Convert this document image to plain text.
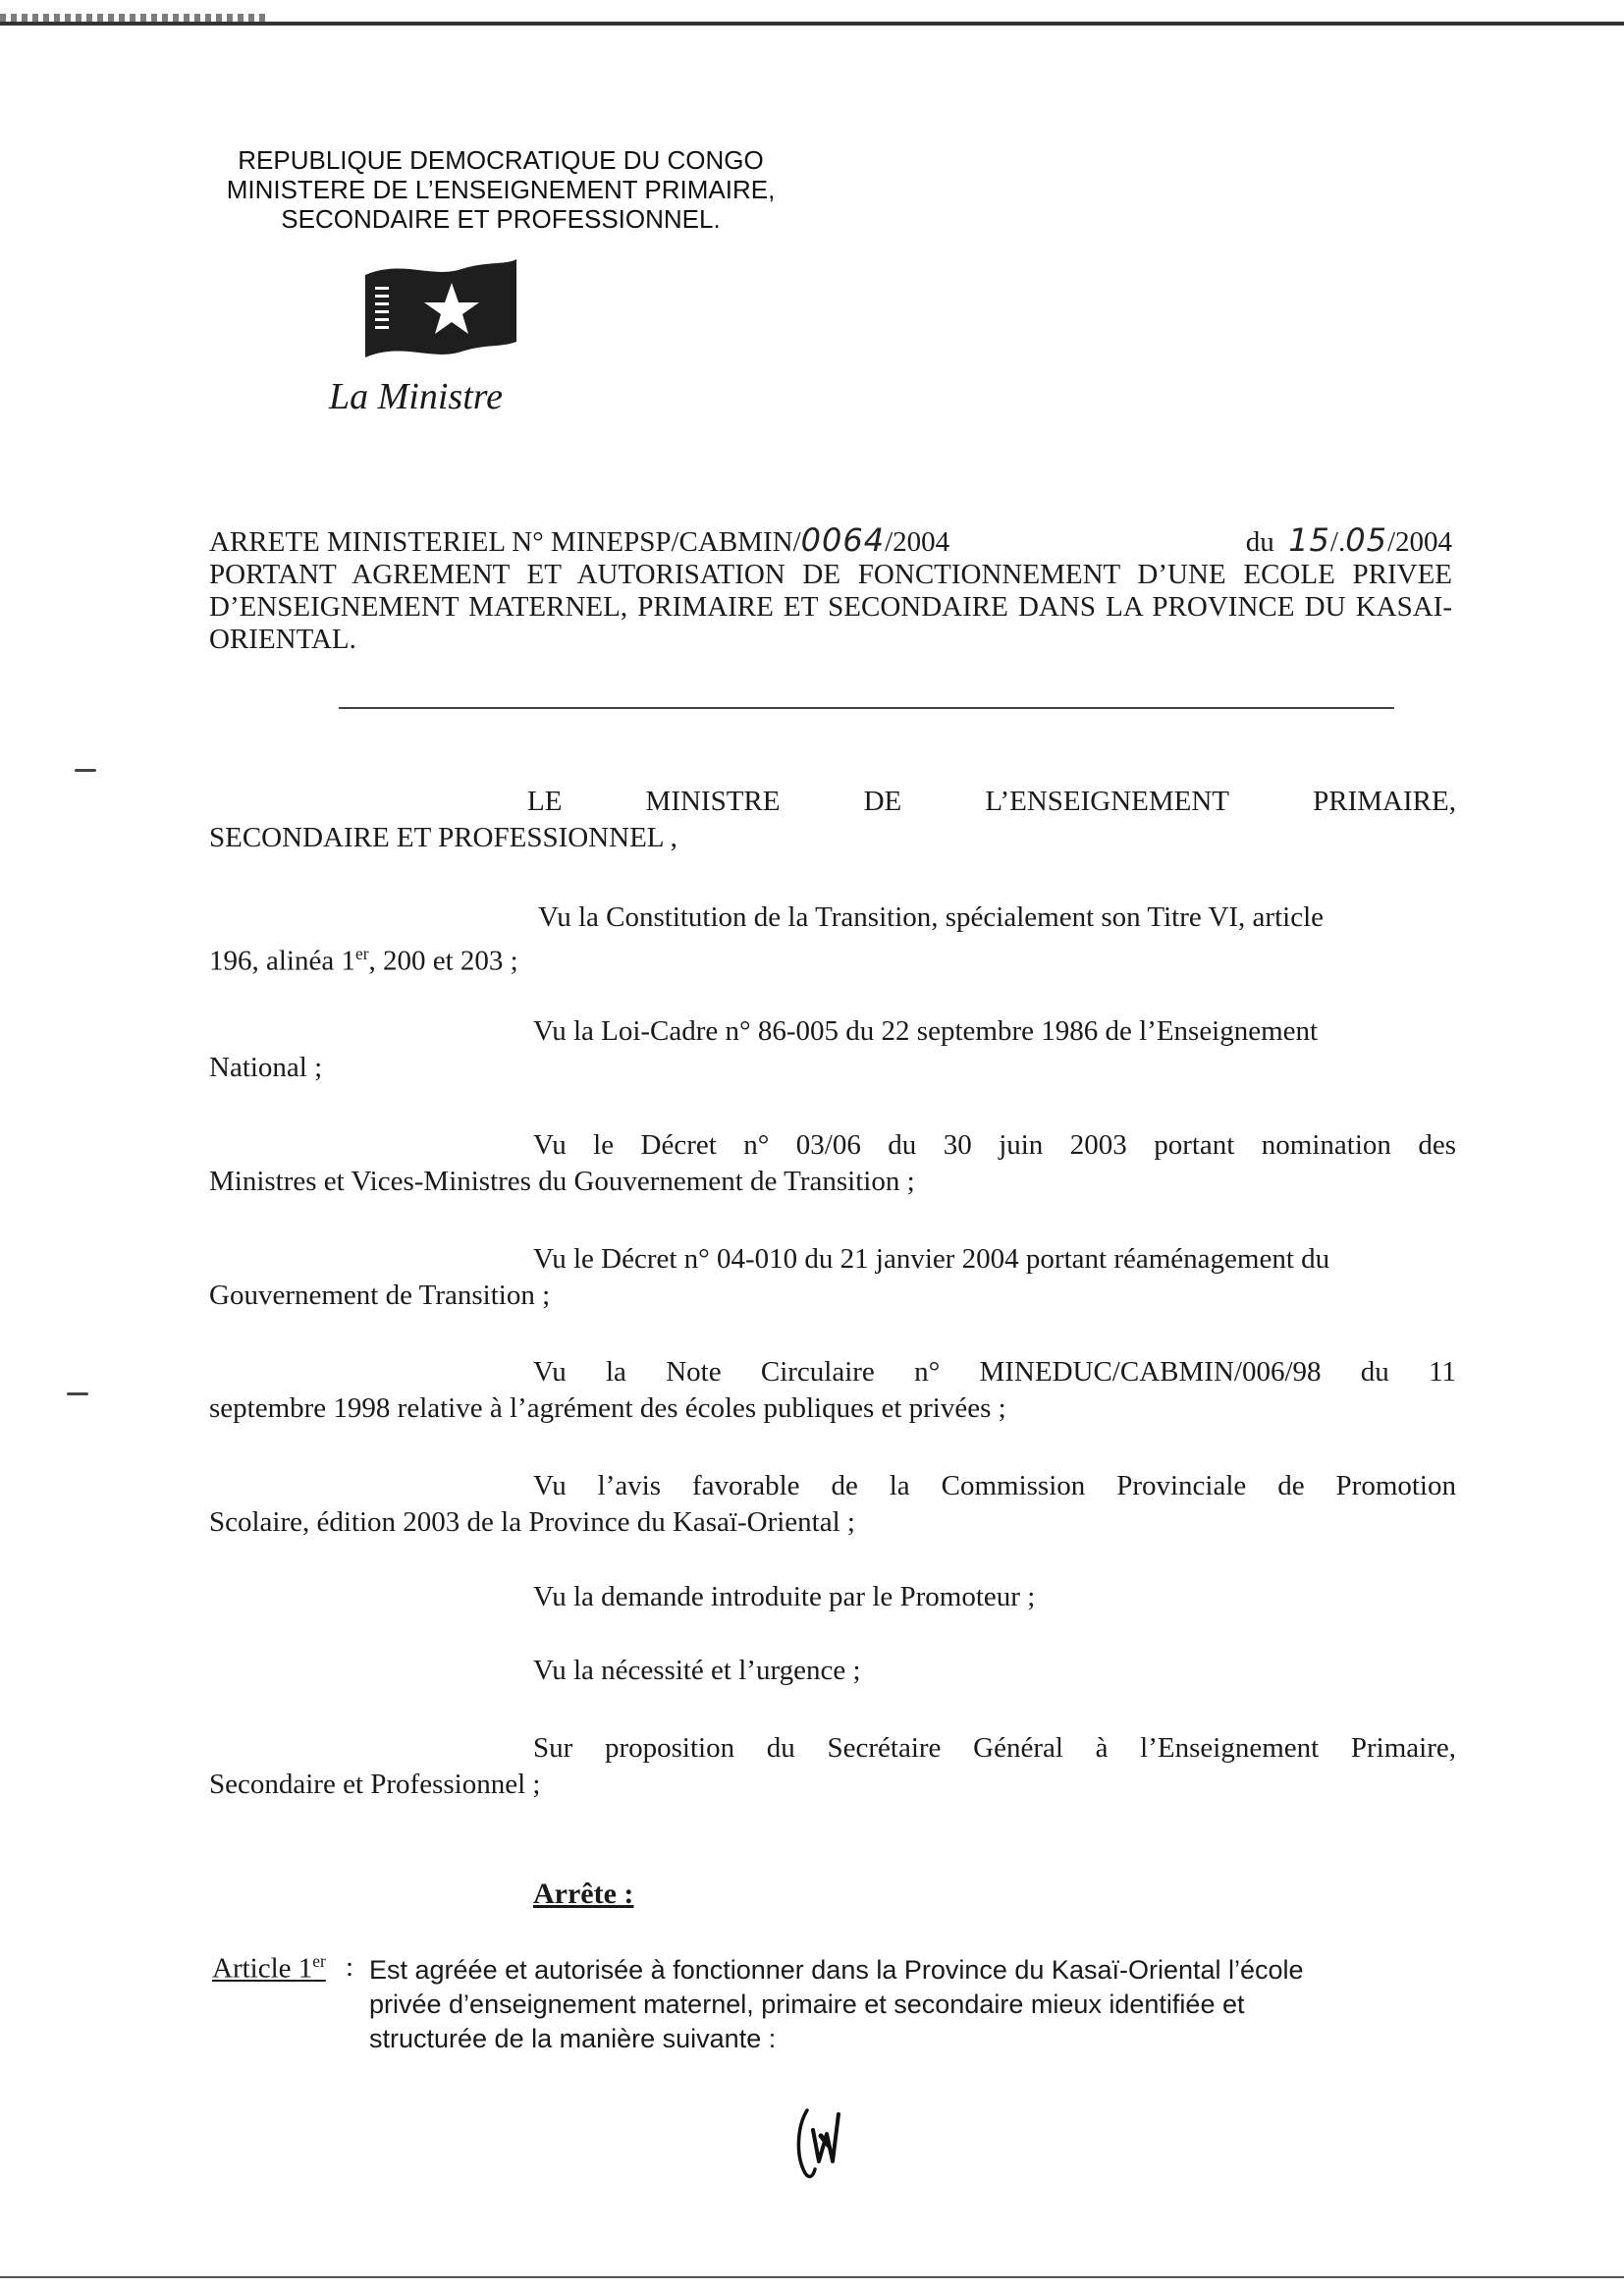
REPUBLIQUE DEMOCRATIQUE DU CONGO
MINISTERE DE L’ENSEIGNEMENT PRIMAIRE,
SECONDAIRE ET PROFESSIONNEL.
La Ministre
ARRETE MINISTERIEL N° MINEPSP/CABMIN/0064/2004	du 15/.05/2004
PORTANT AGREMENT ET AUTORISATION DE FONCTIONNEMENT D’UNE ECOLE PRIVEE D’ENSEIGNEMENT MATERNEL, PRIMAIRE ET SECONDAIRE DANS LA PROVINCE DU KASAI-ORIENTAL.
LE	MINISTRE	DE	L’ENSEIGNEMENT	PRIMAIRE,
SECONDAIRE ET PROFESSIONNEL ,
Vu la Constitution de la Transition, spécialement son Titre VI, article
196, alinéa 1er, 200 et 203 ;
Vu la Loi-Cadre n° 86-005 du 22 septembre 1986 de l’Enseignement
National ;
Vu le Décret n° 03/06 du 30 juin 2003 portant nomination des
Ministres et Vices-Ministres du Gouvernement de Transition ;
Vu le Décret n° 04-010 du 21 janvier 2004 portant réaménagement du
Gouvernement de Transition ;
Vu la Note Circulaire n° MINEDUC/CABMIN/006/98 du 11
septembre 1998 relative à l’agrément des écoles publiques et privées ;
Vu l’avis favorable de la Commission Provinciale de Promotion
Scolaire, édition 2003 de la Province du Kasaï-Oriental ;
Vu la demande introduite par le Promoteur ;
Vu la nécessité et l’urgence ;
Sur proposition du Secrétaire Général à l’Enseignement Primaire,
Secondaire et Professionnel ;
Arrête :
Article 1er : Est agréée et autorisée à fonctionner dans la Province du Kasaï-Oriental l’école
privée d’enseignement maternel, primaire et secondaire mieux identifiée et
structurée de la manière suivante :
